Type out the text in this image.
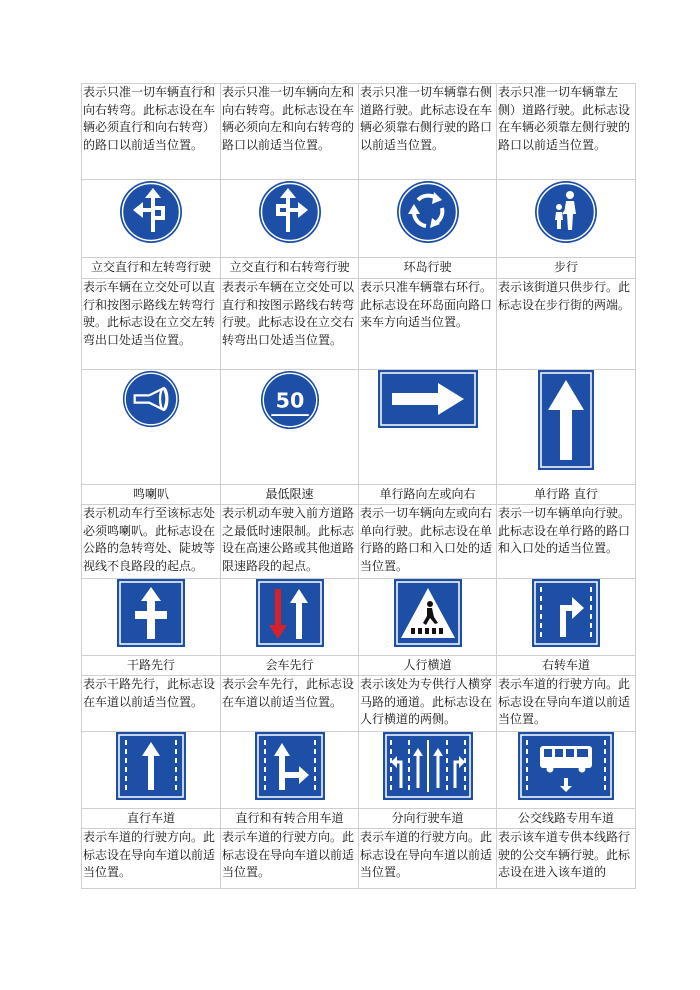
表示只准一切车辆直行和向右转弯。此标志设在车辆必须直行和向右转弯）的路口以前适当位置。	表示只准一切车辆向左和向右转弯。此标志设在车辆必须向左和向右转弯的路口以前适当位置。	表示只准一切车辆靠右侧道路行驶。此标志设在车辆必须靠右侧行驶的路口以前适当位置。	表示只准一切车辆靠左侧）道路行驶。此标志设在车辆必须靠左侧行驶的路口以前适当位置。

立交直行和左转弯行驶	立交直行和右转弯行驶	环岛行驶	步行
表示车辆在立交处可以直行和按图示路线左转弯行驶。此标志设在立交左转弯出口处适当位置。	表表示车辆在立交处可以直行和按图示路线右转弯行驶。此标志设在立交右转弯出口处适当位置。	表示只准车辆靠右环行。此标志设在环岛面向路口来车方向适当位置。	表示该街道只供步行。此标志设在步行街的两端。

50

鸣喇叭	最低限速	单行路向左或向右	单行路 直行
表示机动车行至该标志处必须鸣喇叭。此标志设在公路的急转弯处、陡坡等视线不良路段的起点。	表示机动车驶入前方道路之最低时速限制。此标志设在高速公路或其他道路限速路段的起点。	表示一切车辆向左或向右单向行驶。此标志设在单行路的路口和入口处的适当位置。	表示一切车辆单向行驶。此标志设在单行路的路口和入口处的适当位置。

干路先行	会车先行	人行横道	右转车道
表示干路先行，此标志设在车道以前适当位置。	表示会车先行，此标志设在车道以前适当位置。	表示该处为专供行人横穿马路的通道。此标志设在人行横道的两侧。	表示车道的行驶方向。此标志设在导向车道以前适当位置。

直行车道	直行和有转合用车道	分向行驶车道	公交线路专用车道
表示车道的行驶方向。此标志设在导向车道以前适当位置。	表示车道的行驶方向。此标志设在导向车道以前适当位置。	表示车道的行驶方向。此标志设在导向车道以前适当位置。	表示该车道专供本线路行驶的公交车辆行驶。此标志设在进入该车道的
